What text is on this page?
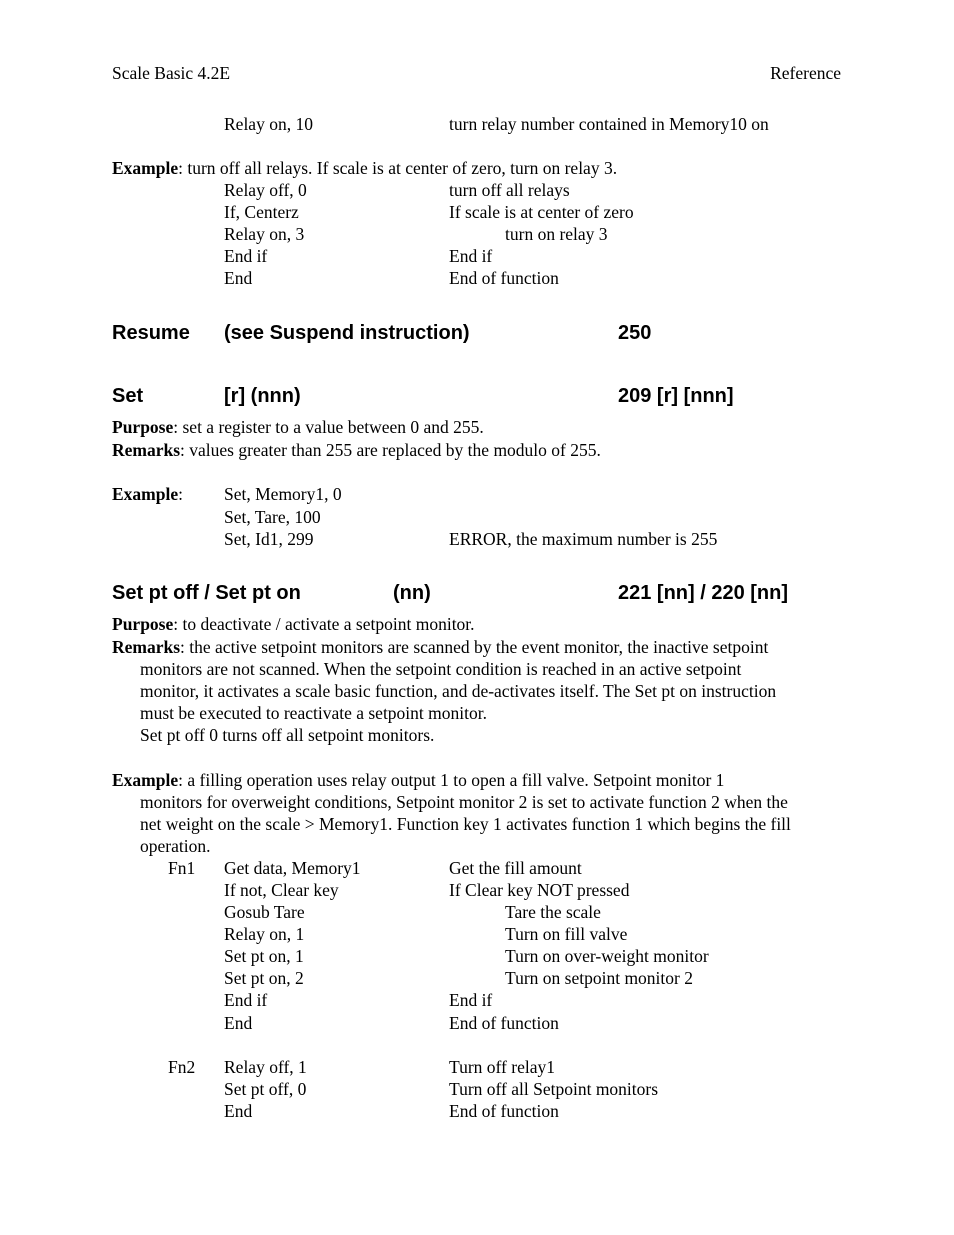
Scale Basic 4.2E	Reference
Relay on, 10	turn relay number contained in Memory10 on
Example: turn off all relays. If scale is at center of zero, turn on relay 3.
Relay off, 0	turn off all relays
If, Centerz	If scale is at center of zero
Relay on, 3	turn on relay 3
End if	End if
End	End of function
Resume (see Suspend instruction)	250
Set	[r] (nnn)	209 [r] [nnn]
Purpose: set a register to a value between 0 and 255.
Remarks: values greater than 255 are replaced by the modulo of 255.
Example: Set, Memory1, 0
Set, Tare, 100
Set, Id1, 299	ERROR, the maximum number is 255
Set pt off / Set pt on	(nn)	221 [nn] / 220 [nn]
Purpose: to deactivate / activate a setpoint monitor.
Remarks: the active setpoint monitors are scanned by the event monitor, the inactive setpoint
monitors are not scanned. When the setpoint condition is reached in an active setpoint
monitor, it activates a scale basic function, and de-activates itself. The Set pt on instruction
must be executed to reactivate a setpoint monitor.
Set pt off 0 turns off all setpoint monitors.
Example: a filling operation uses relay output 1 to open a fill valve. Setpoint monitor 1
monitors for overweight conditions, Setpoint monitor 2 is set to activate function 2 when the
net weight on the scale > Memory1. Function key 1 activates function 1 which begins the fill
operation.
Fn1 Get data, Memory1	Get the fill amount
If not, Clear key	If Clear key NOT pressed
Gosub Tare	Tare the scale
Relay on, 1	Turn on fill valve
Set pt on, 1	Turn on over-weight monitor
Set pt on, 2	Turn on setpoint monitor 2
End if	End if
End	End of function
Fn2 Relay off, 1	Turn off relay1
Set pt off, 0	Turn off all Setpoint monitors
End	End of function
